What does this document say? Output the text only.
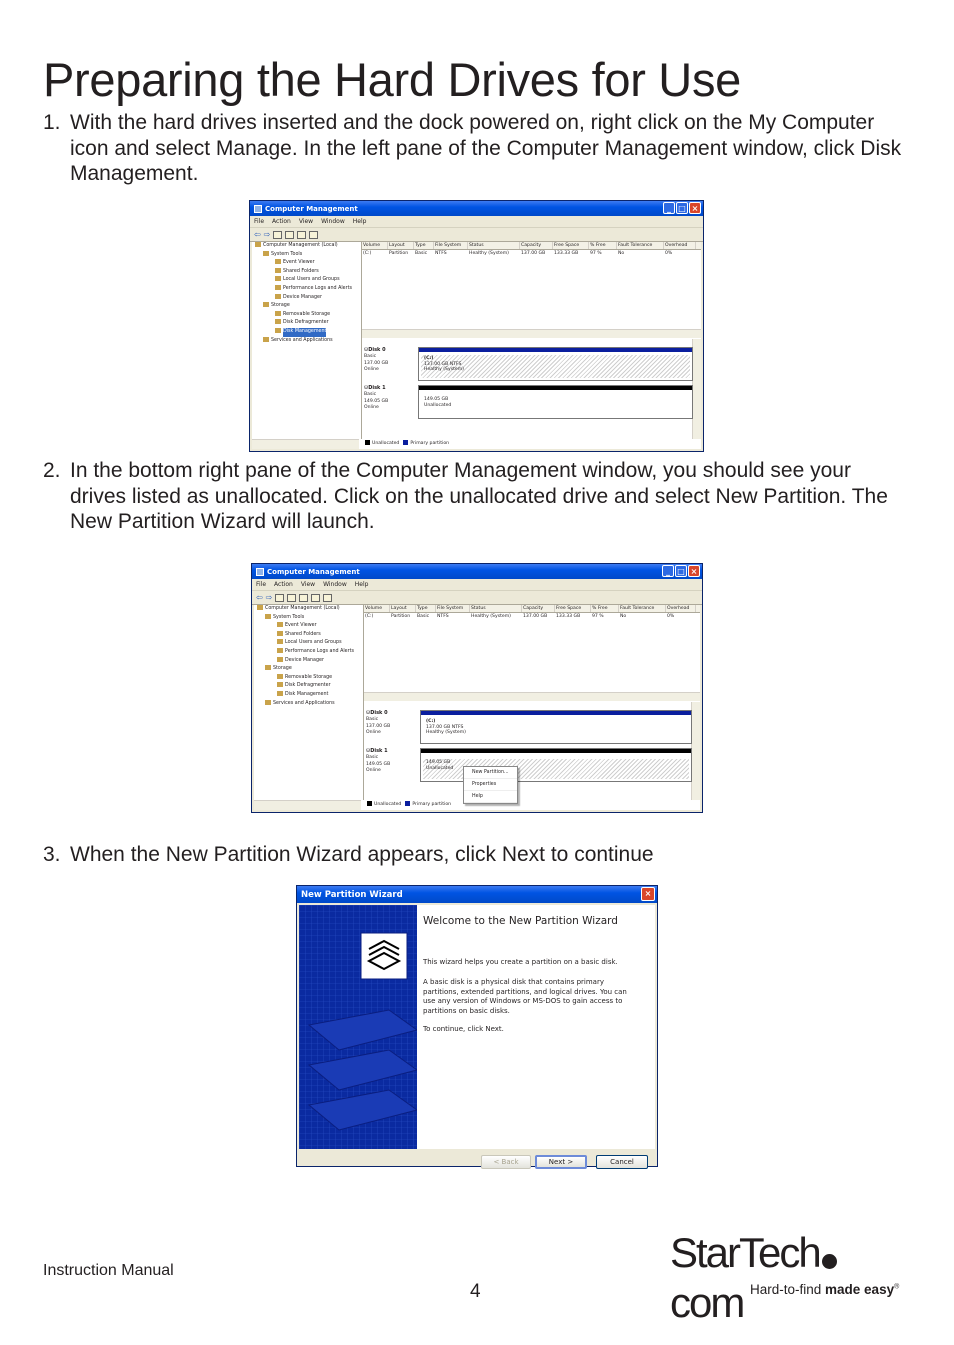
Preparing the Hard Drives for Use
1. With the hard drives inserted and the dock powered on, right click on the My Computer icon and select Manage. In the left pane of the Computer Management window, click Disk Management.
Computer Management	_ □ ×
File Action View Window Help
⇦ ⇨
Computer Management (Local)
System Tools
Event Viewer
Shared Folders
Local Users and Groups
Performance Logs and Alerts
Device Manager
Storage
Removable Storage
Disk Defragmenter
Disk Management
Services and Applications
Volume	Layout	Type	File System	Status	Capacity	Free Space	% Free	Fault Tolerance	Overhead
(C:)	Partition	Basic	NTFS	Healthy (System)	137.00 GB	133.33 GB	97 %	No	0%
⛁Disk 0
Basic
137.00 GB
Online
(C:)
137.00 GB NTFS
Healthy (System)
⛁Disk 1
Basic
149.05 GB
Online
149.05 GB
Unallocated
Unallocated	Primary partition
2. In the bottom right pane of the Computer Management window, you should see your drives listed as unallocated. Click on the unallocated drive and select New Partition. The New Partition Wizard will launch.
Computer Management	_ □ ×
File Action View Window Help
⇦ ⇨
Computer Management (Local)
System Tools
Event Viewer
Shared Folders
Local Users and Groups
Performance Logs and Alerts
Device Manager
Storage
Removable Storage
Disk Defragmenter
Disk Management
Services and Applications
Volume	Layout	Type	File System	Status	Capacity	Free Space	% Free	Fault Tolerance	Overhead
(C:)	Partition	Basic	NTFS	Healthy (System)	137.00 GB	133.33 GB	97 %	No	0%
⛁Disk 0
Basic
137.00 GB
Online
(C:)
137.00 GB NTFS
Healthy (System)
⛁Disk 1
Basic
149.05 GB
Online
149.05 GB
Unallocated
Unallocated	Primary partition
New Partition...
Properties
Help
3. When the New Partition Wizard appears, click Next to continue
New Partition Wizard	×
Welcome to the New Partition Wizard
This wizard helps you create a partition on a basic disk.
A basic disk is a physical disk that contains primary partitions, extended partitions, and logical drives. You can use any version of Windows or MS-DOS to gain access to partitions on basic disks.
To continue, click Next.
< Back	Next >	Cancel
Instruction Manual
4
StarTechcom Hard-to-find made easy®
